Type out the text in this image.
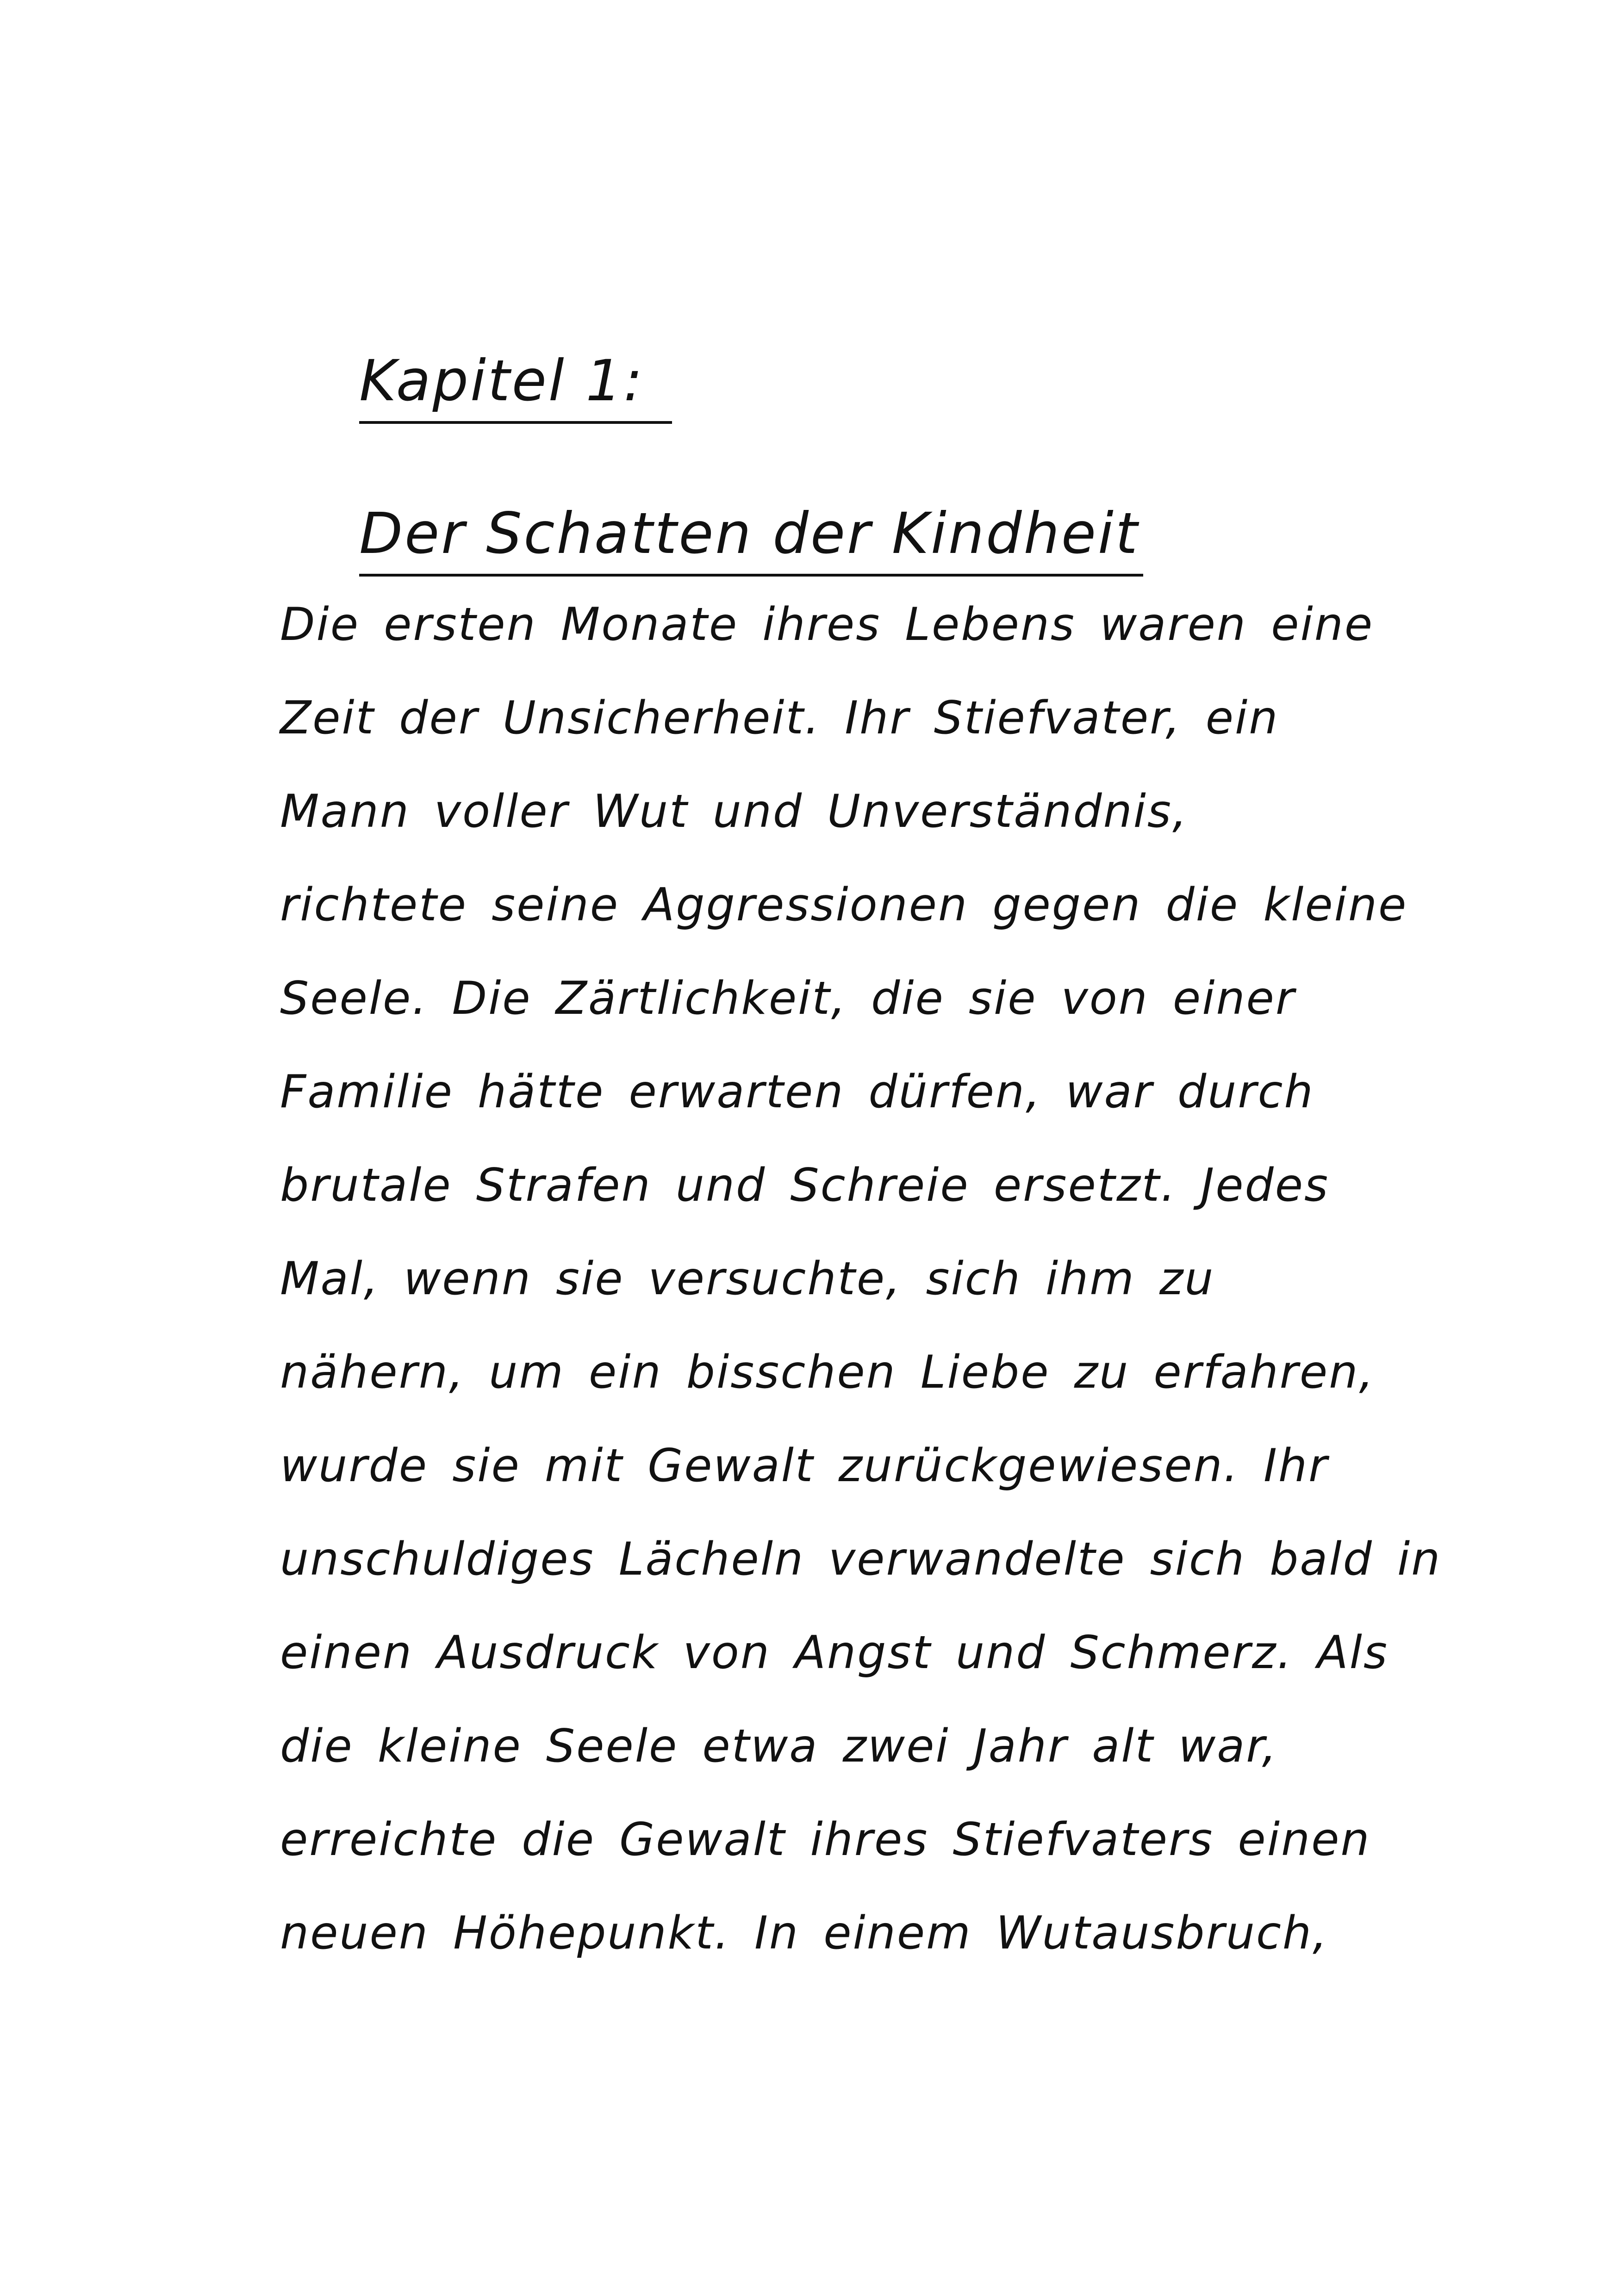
Kapitel 1:

Der Schatten der Kindheit

Die ersten Monate ihres Lebens waren eine
Zeit der Unsicherheit. Ihr Stiefvater, ein
Mann voller Wut und Unverständnis,
richtete seine Aggressionen gegen die kleine
Seele. Die Zärtlichkeit, die sie von einer
Familie hätte erwarten dürfen, war durch
brutale Strafen und Schreie ersetzt. Jedes
Mal, wenn sie versuchte, sich ihm zu
nähern, um ein bisschen Liebe zu erfahren,
wurde sie mit Gewalt zurückgewiesen. Ihr
unschuldiges Lächeln verwandelte sich bald in
einen Ausdruck von Angst und Schmerz. Als
die kleine Seele etwa zwei Jahr alt war,
erreichte die Gewalt ihres Stiefvaters einen
neuen Höhepunkt. In einem Wutausbruch,
